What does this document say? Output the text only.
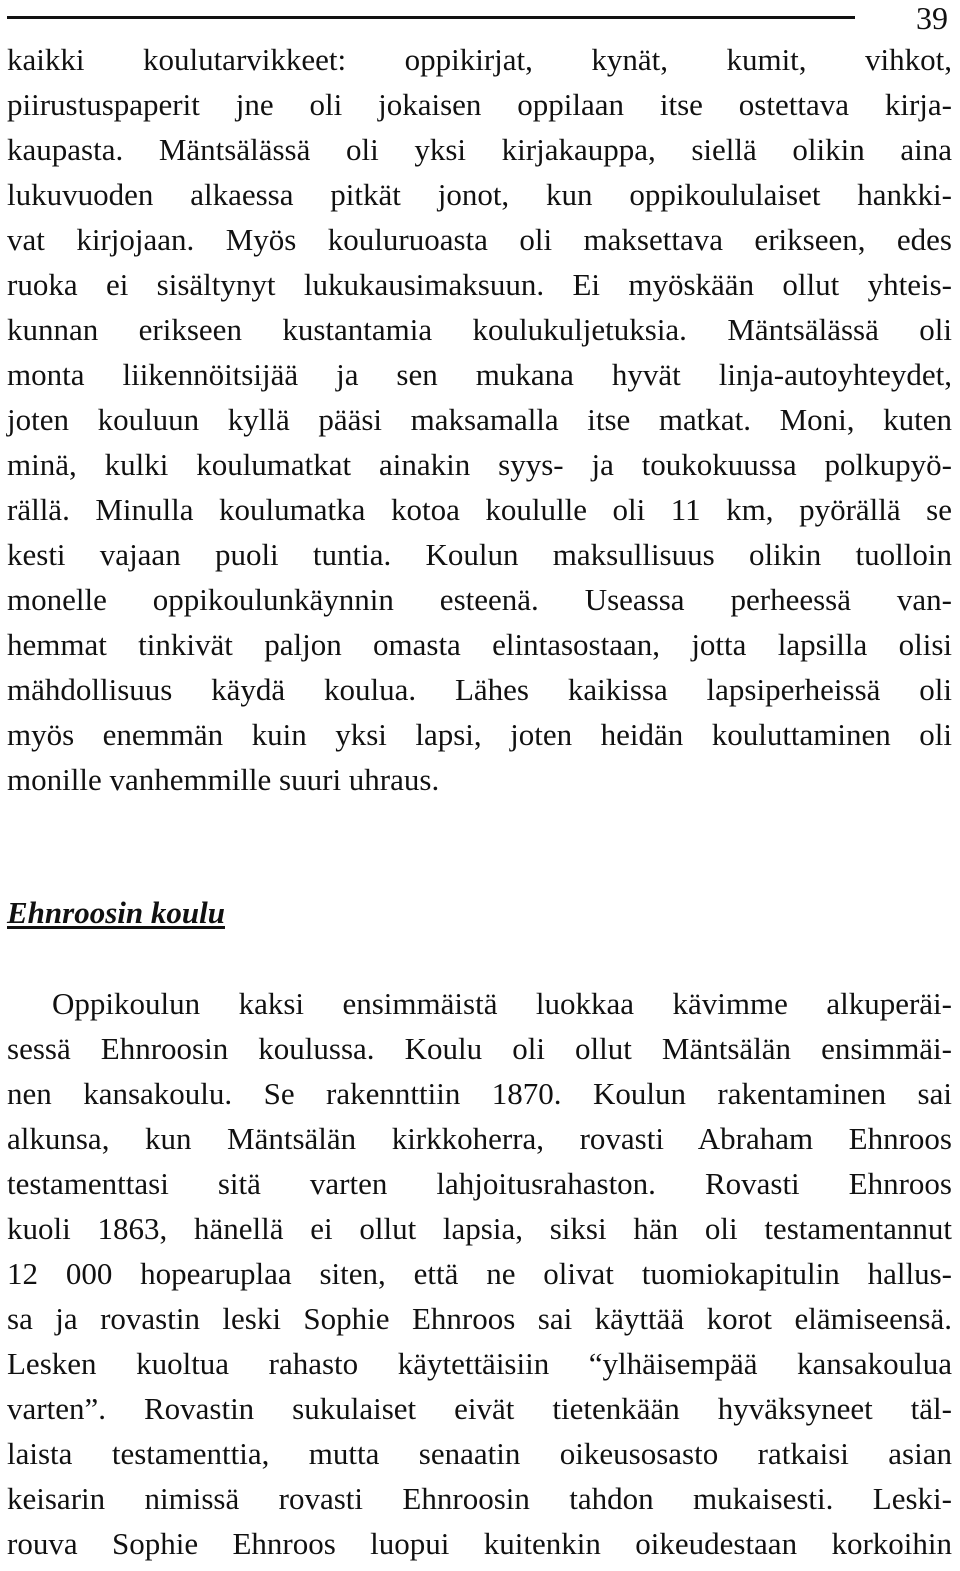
39
kaikki koulutarvikkeet: oppikirjat, kynät, kumit, vihkot,
piirustuspaperit jne oli jokaisen oppilaan itse ostettava kirja-
kaupasta. Mäntsälässä oli yksi kirjakauppa, siellä olikin aina
lukuvuoden alkaessa pitkät jonot, kun oppikoululaiset hankki-
vat kirjojaan. Myös kouluruoasta oli maksettava erikseen, edes
ruoka ei sisältynyt lukukausimaksuun. Ei myöskään ollut yhteis-
kunnan erikseen kustantamia koulukuljetuksia. Mäntsälässä oli
monta liikennöitsijää ja sen mukana hyvät linja-autoyhteydet,
joten kouluun kyllä pääsi maksamalla itse matkat. Moni, kuten
minä, kulki koulumatkat ainakin syys- ja toukokuussa polkupyö-
rällä. Minulla koulumatka kotoa koululle oli 11 km, pyörällä se
kesti vajaan puoli tuntia. Koulun maksullisuus olikin tuolloin
monelle oppikoulunkäynnin esteenä. Useassa perheessä van-
hemmat tinkivät paljon omasta elintasostaan, jotta lapsilla olisi
mähdollisuus käydä koulua. Lähes kaikissa lapsiperheissä oli
myös enemmän kuin yksi lapsi, joten heidän kouluttaminen oli
monille vanhemmille suuri uhraus.
Ehnroosin koulu
Oppikoulun kaksi ensimmäistä luokkaa kävimme alkuperäi-
sessä Ehnroosin koulussa. Koulu oli ollut Mäntsälän ensimmäi-
nen kansakoulu. Se rakennttiin 1870. Koulun rakentaminen sai
alkunsa, kun Mäntsälän kirkkoherra, rovasti Abraham Ehnroos
testamenttasi sitä varten lahjoitusrahaston. Rovasti Ehnroos
kuoli 1863, hänellä ei ollut lapsia, siksi hän oli testamentannut
12 000 hopearuplaa siten, että ne olivat tuomiokapitulin hallus-
sa ja rovastin leski Sophie Ehnroos sai käyttää korot elämiseensä.
Lesken kuoltua rahasto käytettäisiin “ylhäisempää kansakoulua
varten”. Rovastin sukulaiset eivät tietenkään hyväksyneet täl-
laista testamenttia, mutta senaatin oikeusosasto ratkaisi asian
keisarin nimissä rovasti Ehnroosin tahdon mukaisesti. Leski-
rouva Sophie Ehnroos luopui kuitenkin oikeudestaan korkoihin
